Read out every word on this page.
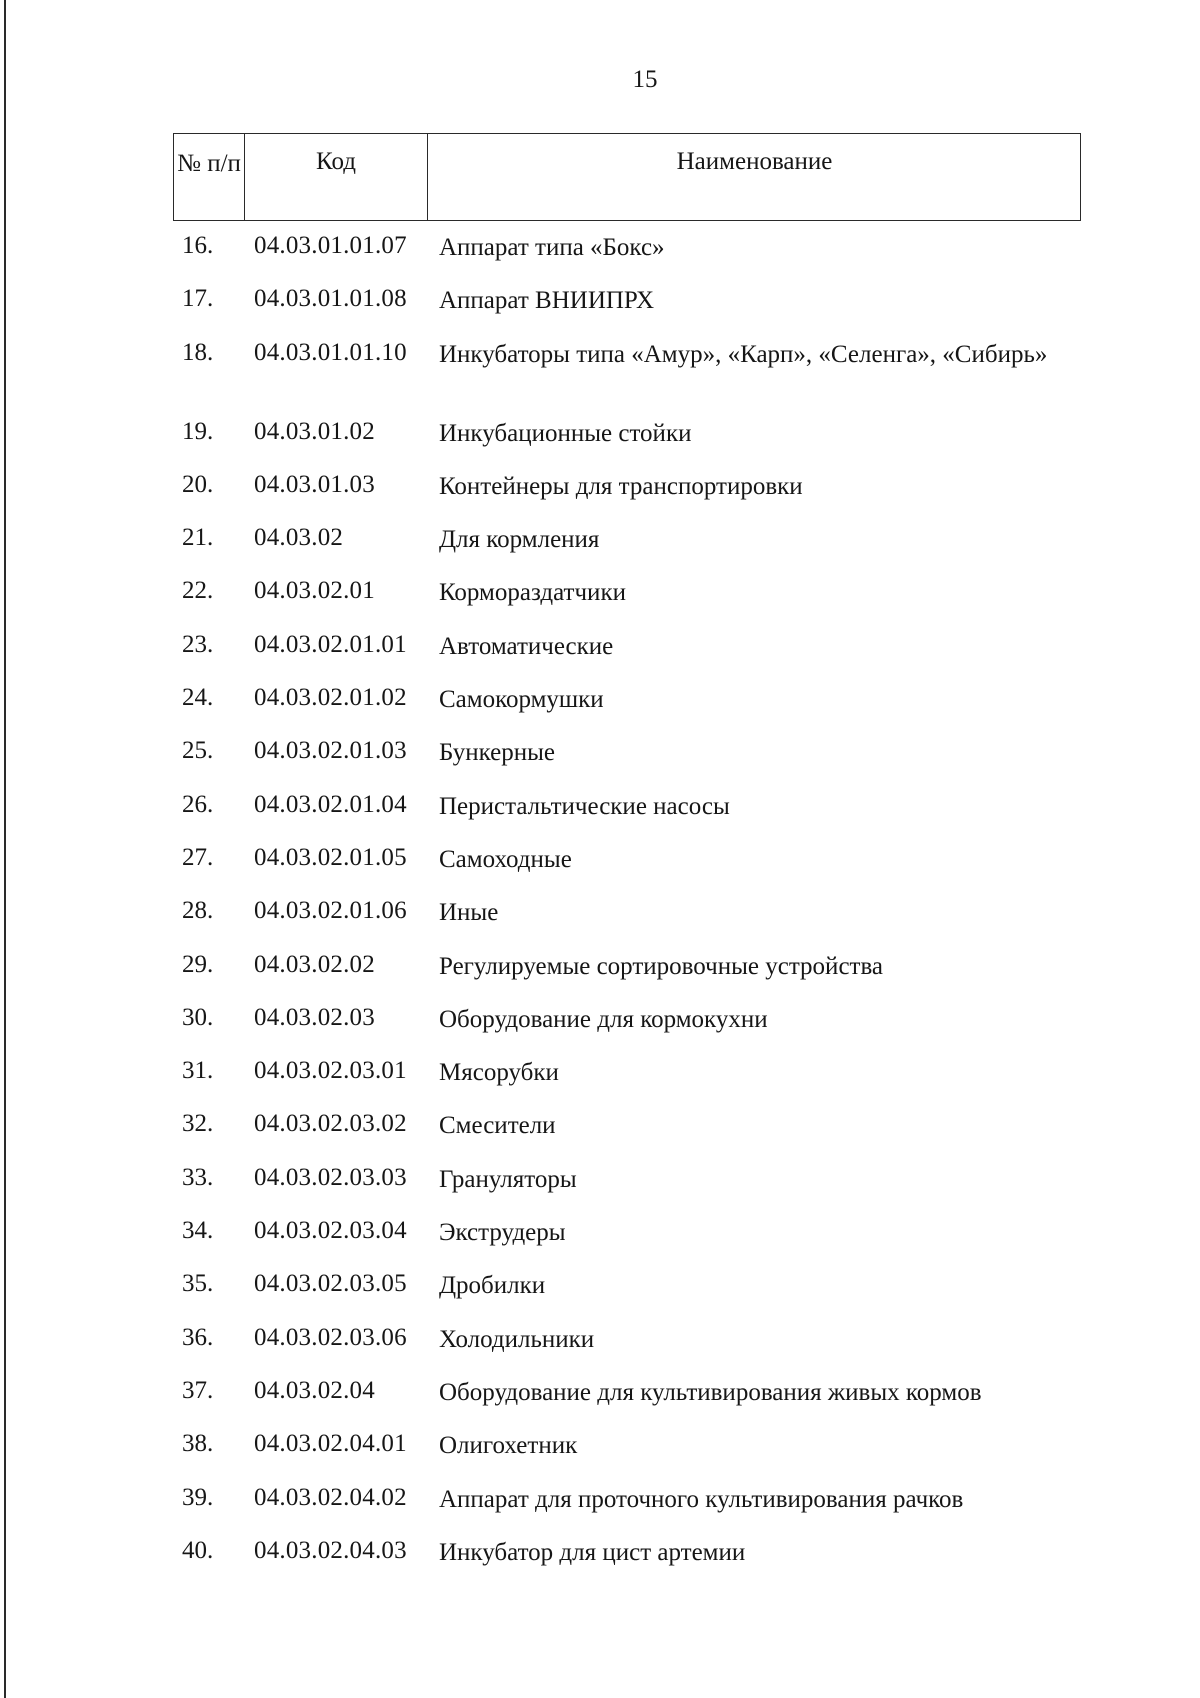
15
№ п/п	Код	Наименование
16. 04.03.01.01.07 Аппарат типа «Бокс»
17. 04.03.01.01.08 Аппарат ВНИИПРХ
18. 04.03.01.01.10 Инкубаторы типа «Амур», «Карп», «Селенга», «Сибирь»
19. 04.03.01.02	Инкубационные стойки
20. 04.03.01.03	Контейнеры для транспортировки
21. 04.03.02	Для кормления
22. 04.03.02.01	Кормораздатчики
23. 04.03.02.01.01 Автоматические
24. 04.03.02.01.02 Самокормушки
25. 04.03.02.01.03 Бункерные
26. 04.03.02.01.04 Перистальтические насосы
27. 04.03.02.01.05 Самоходные
28. 04.03.02.01.06 Иные
29. 04.03.02.02	Регулируемые сортировочные устройства
30. 04.03.02.03	Оборудование для кормокухни
31. 04.03.02.03.01 Мясорубки
32. 04.03.02.03.02 Смесители
33. 04.03.02.03.03 Грануляторы
34. 04.03.02.03.04 Экструдеры
35. 04.03.02.03.05 Дробилки
36. 04.03.02.03.06 Холодильники
37. 04.03.02.04	Оборудование для культивирования живых кормов
38. 04.03.02.04.01 Олигохетник
39. 04.03.02.04.02 Аппарат для проточного культивирования рачков
40. 04.03.02.04.03 Инкубатор для цист артемии
